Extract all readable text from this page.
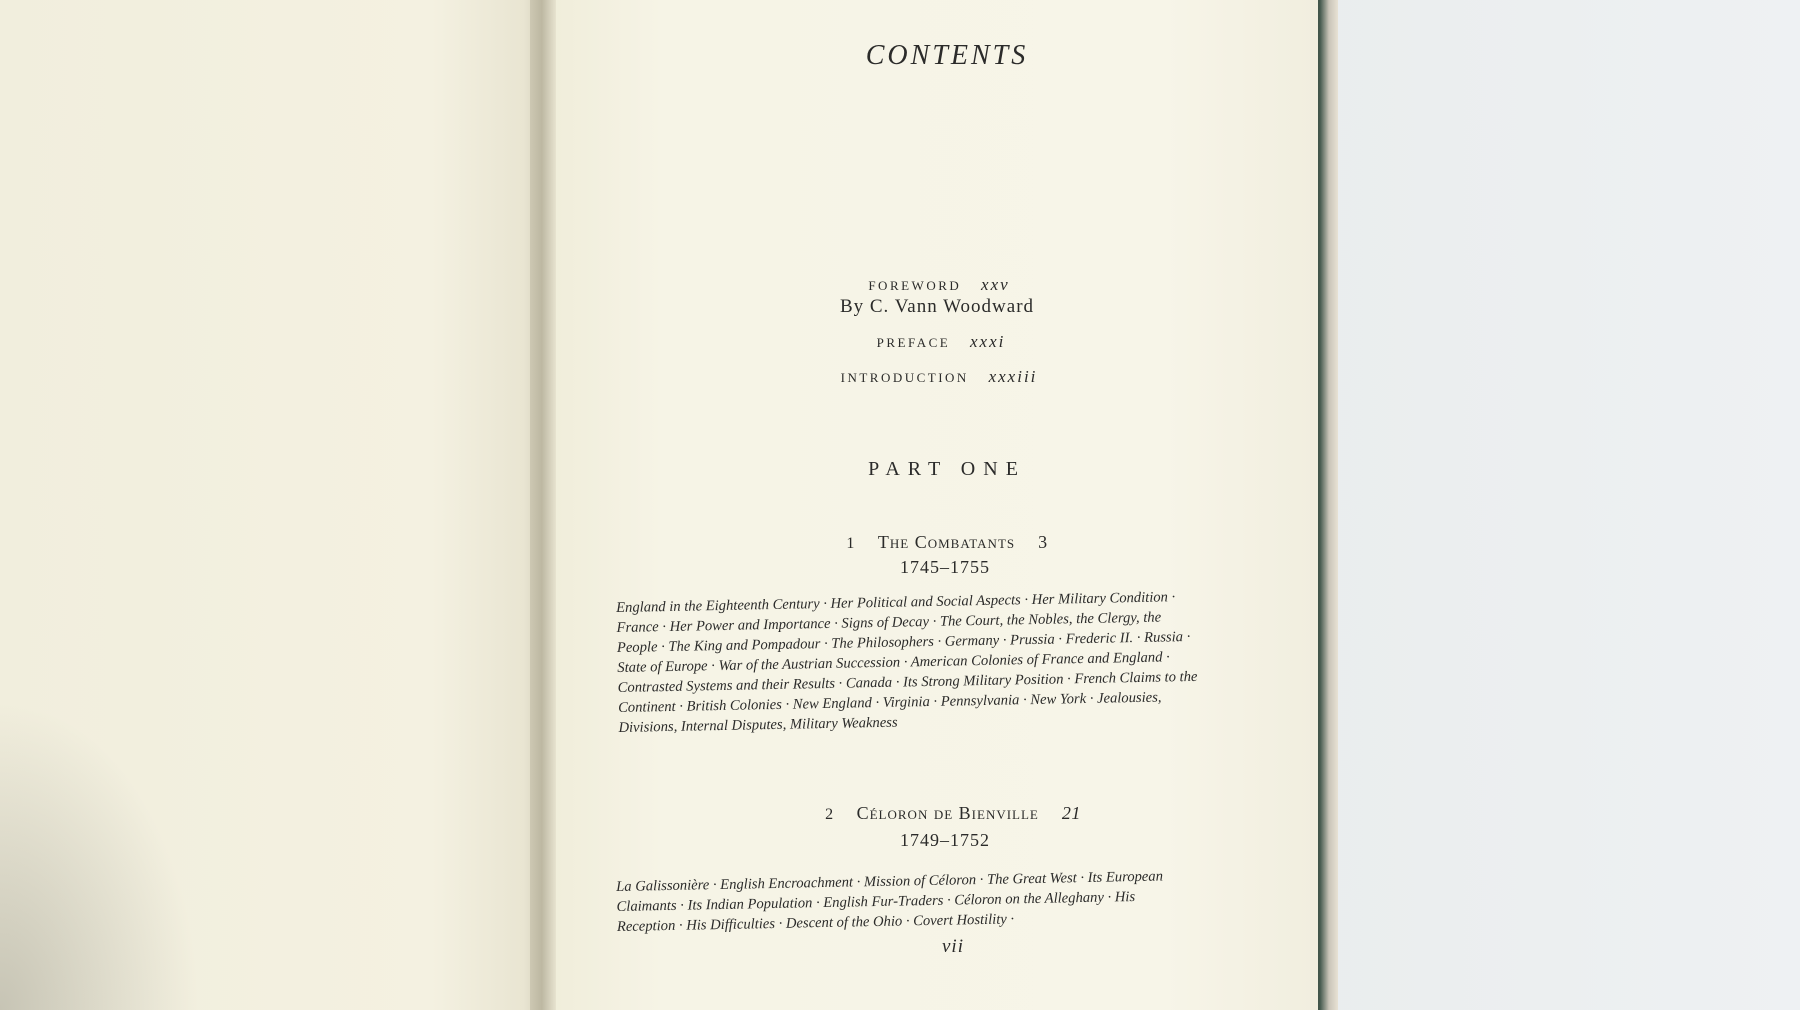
CONTENTS
FOREWORD xxv
By C. Vann Woodward
PREFACE xxxi
INTRODUCTION xxxiii
PART ONE
1 The Combatants 3
1745–1755
England in the Eighteenth Century · Her Political and Social Aspects · Her Military Condition · France · Her Power and Importance · Signs of Decay · The Court, the Nobles, the Clergy, the People · The King and Pompadour · The Philosophers · Germany · Prussia · Frederic II. · Russia · State of Europe · War of the Austrian Succession · American Colonies of France and England · Contrasted Systems and their Results · Canada · Its Strong Military Position · French Claims to the Continent · British Colonies · New England · Virginia · Pennsylvania · New York · Jealousies, Divisions, Internal Disputes, Military Weakness
2 Céloron de Bienville 21
1749–1752
La Galissonière · English Encroachment · Mission of Céloron · The Great West · Its European Claimants · Its Indian Population · English Fur-Traders · Céloron on the Alleghany · His Reception · His Difficulties · Descent of the Ohio · Covert Hostility ·
vii
